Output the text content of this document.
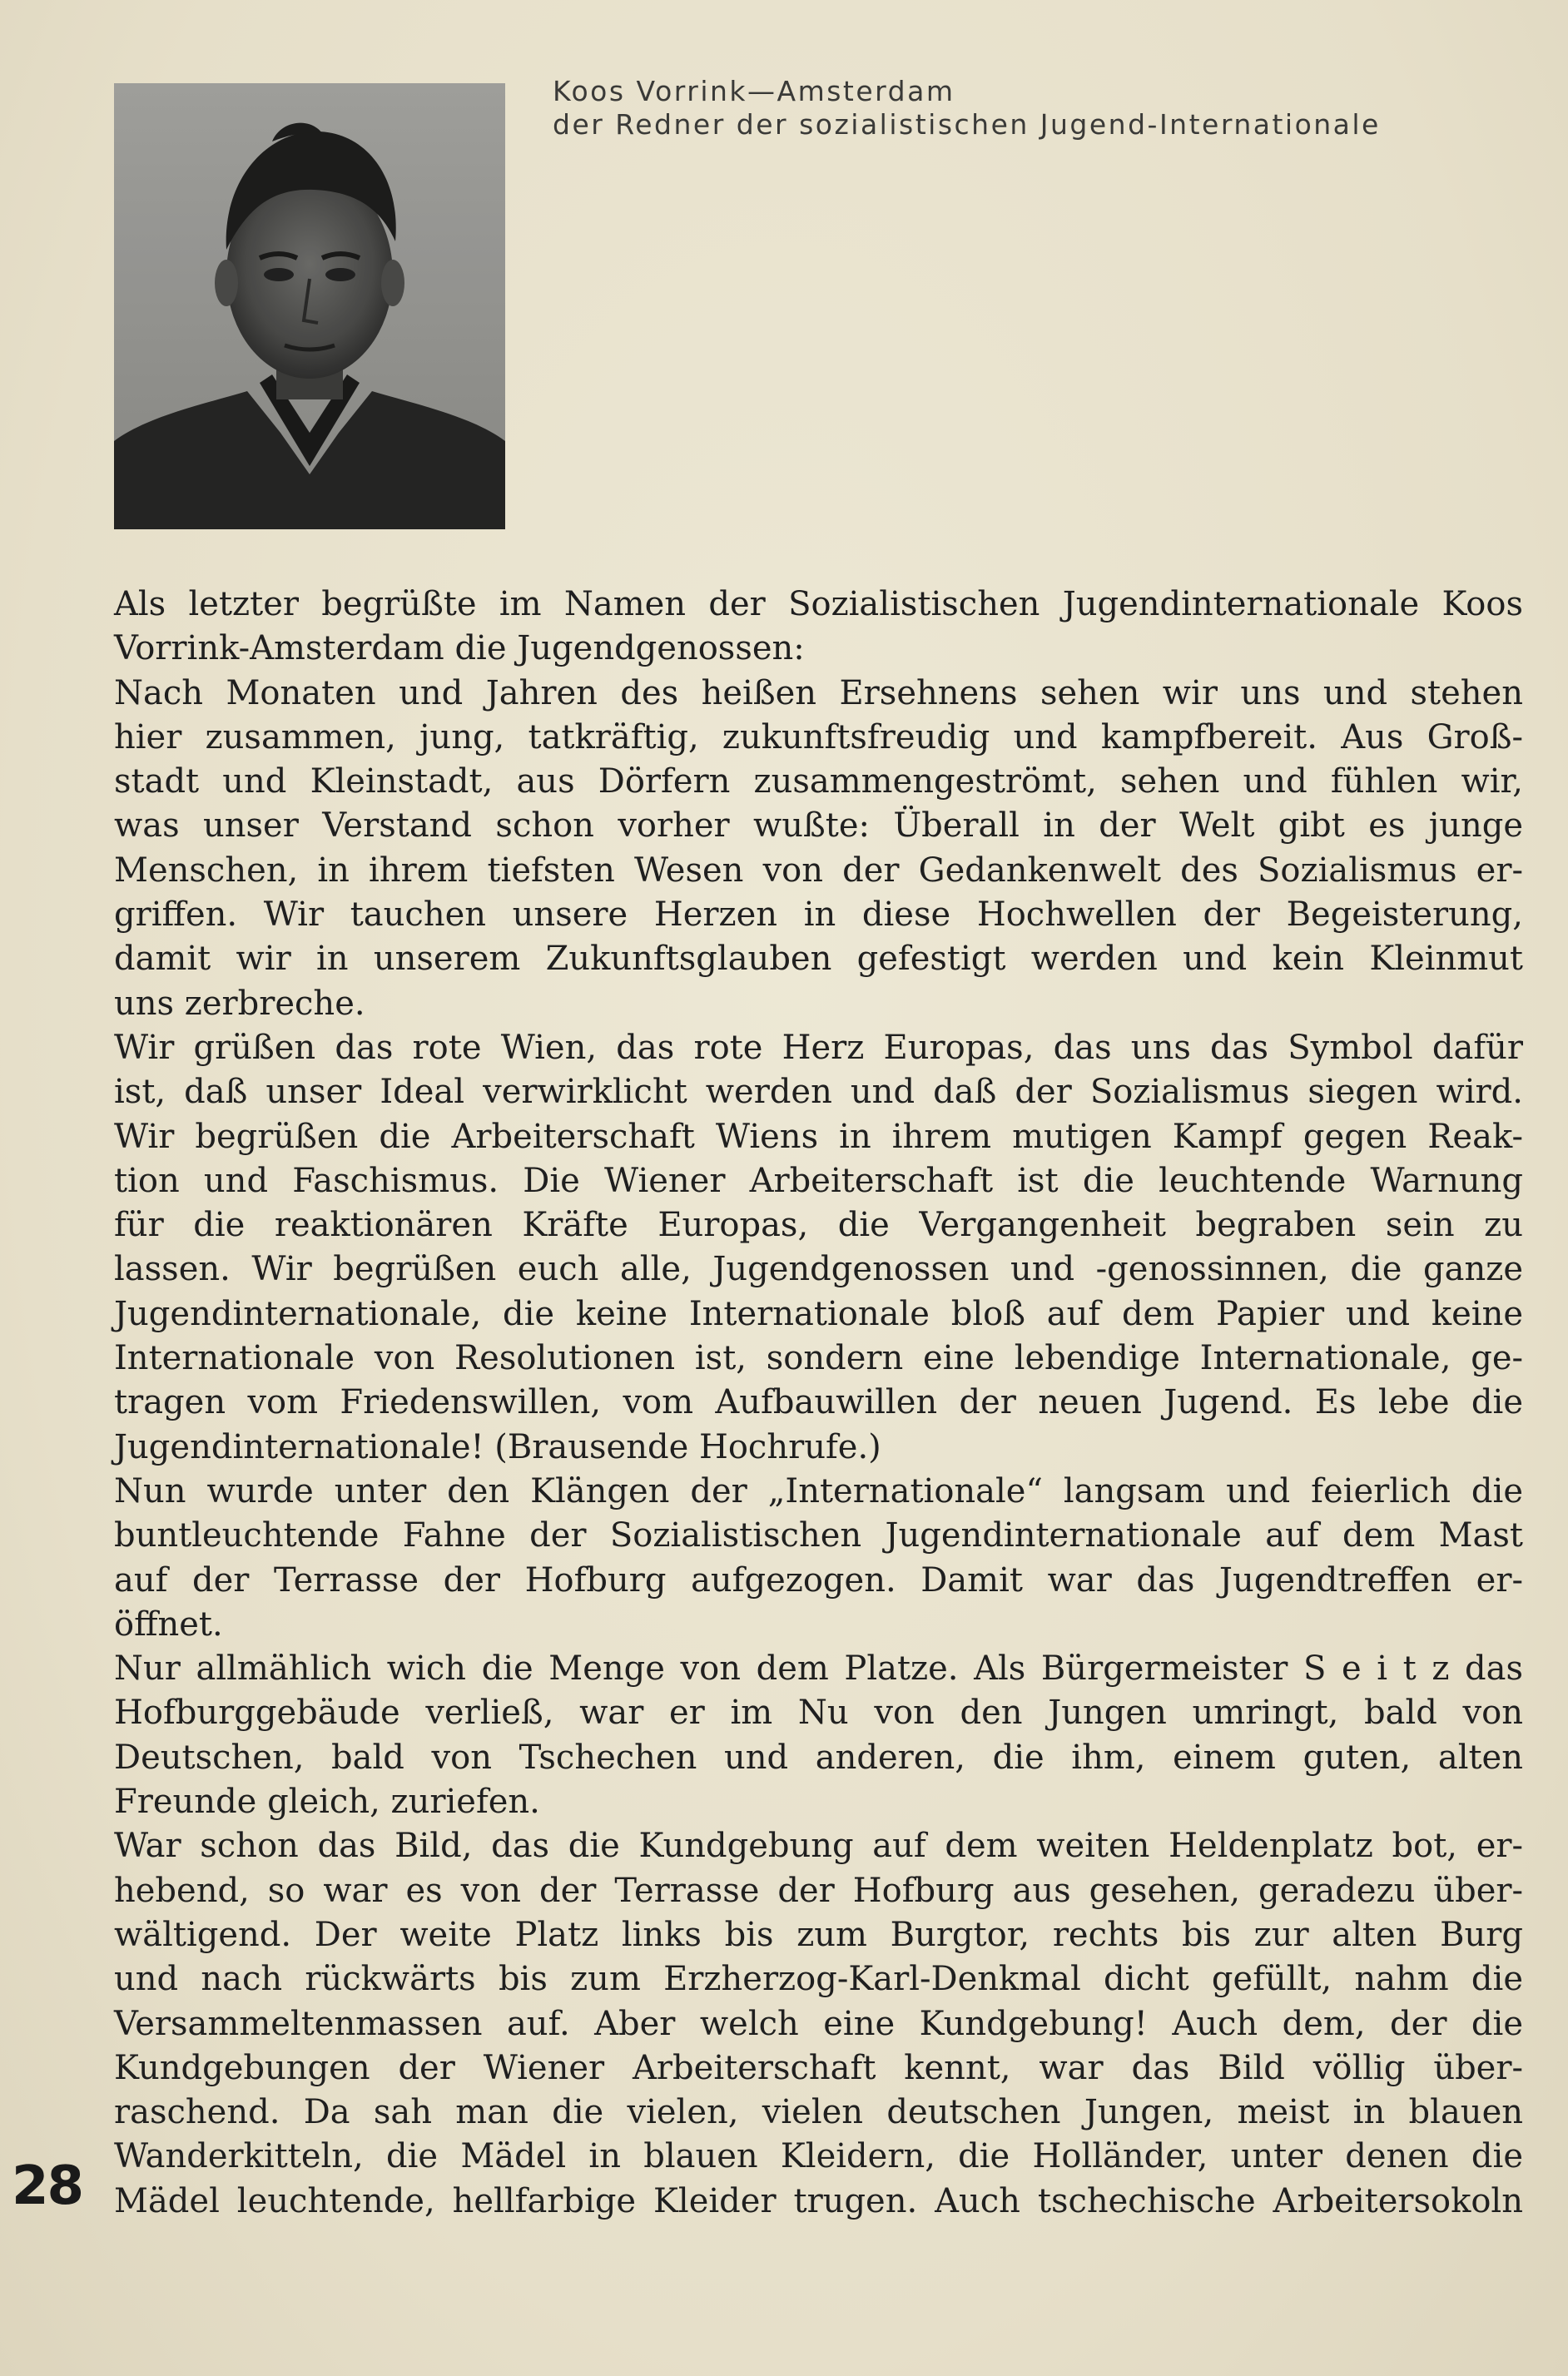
Koos Vorrink—Amsterdam
der Redner der sozialistischen Jugend-Internationale
Als letzter begrüßte im Namen der Sozialistischen Jugendinternationale Koos
Vorrink-Amsterdam die Jugendgenossen:
Nach Monaten und Jahren des heißen Ersehnens sehen wir uns und stehen
hier zusammen, jung, tatkräftig, zukunftsfreudig und kampfbereit. Aus Groß-
stadt und Kleinstadt, aus Dörfern zusammengeströmt, sehen und fühlen wir,
was unser Verstand schon vorher wußte: Überall in der Welt gibt es junge
Menschen, in ihrem tiefsten Wesen von der Gedankenwelt des Sozialismus er-
griffen. Wir tauchen unsere Herzen in diese Hochwellen der Begeisterung,
damit wir in unserem Zukunftsglauben gefestigt werden und kein Kleinmut
uns zerbreche.
Wir grüßen das rote Wien, das rote Herz Europas, das uns das Symbol dafür
ist, daß unser Ideal verwirklicht werden und daß der Sozialismus siegen wird.
Wir begrüßen die Arbeiterschaft Wiens in ihrem mutigen Kampf gegen Reak-
tion und Faschismus. Die Wiener Arbeiterschaft ist die leuchtende Warnung
für die reaktionären Kräfte Europas, die Vergangenheit begraben sein zu
lassen. Wir begrüßen euch alle, Jugendgenossen und -genossinnen, die ganze
Jugendinternationale, die keine Internationale bloß auf dem Papier und keine
Internationale von Resolutionen ist, sondern eine lebendige Internationale, ge-
tragen vom Friedenswillen, vom Aufbauwillen der neuen Jugend. Es lebe die
Jugendinternationale! (Brausende Hochrufe.)
Nun wurde unter den Klängen der „Internationale“ langsam und feierlich die
buntleuchtende Fahne der Sozialistischen Jugendinternationale auf dem Mast
auf der Terrasse der Hofburg aufgezogen. Damit war das Jugendtreffen er-
öffnet.
Nur allmählich wich die Menge von dem Platze. Als Bürgermeister S e i t z das
Hofburggebäude verließ, war er im Nu von den Jungen umringt, bald von
Deutschen, bald von Tschechen und anderen, die ihm, einem guten, alten
Freunde gleich, zuriefen.
War schon das Bild, das die Kundgebung auf dem weiten Heldenplatz bot, er-
hebend, so war es von der Terrasse der Hofburg aus gesehen, geradezu über-
wältigend. Der weite Platz links bis zum Burgtor, rechts bis zur alten Burg
und nach rückwärts bis zum Erzherzog-Karl-Denkmal dicht gefüllt, nahm die
Versammeltenmassen auf. Aber welch eine Kundgebung! Auch dem, der die
Kundgebungen der Wiener Arbeiterschaft kennt, war das Bild völlig über-
raschend. Da sah man die vielen, vielen deutschen Jungen, meist in blauen
Wanderkitteln, die Mädel in blauen Kleidern, die Holländer, unter denen die
Mädel leuchtende, hellfarbige Kleider trugen. Auch tschechische Arbeitersokoln
28
